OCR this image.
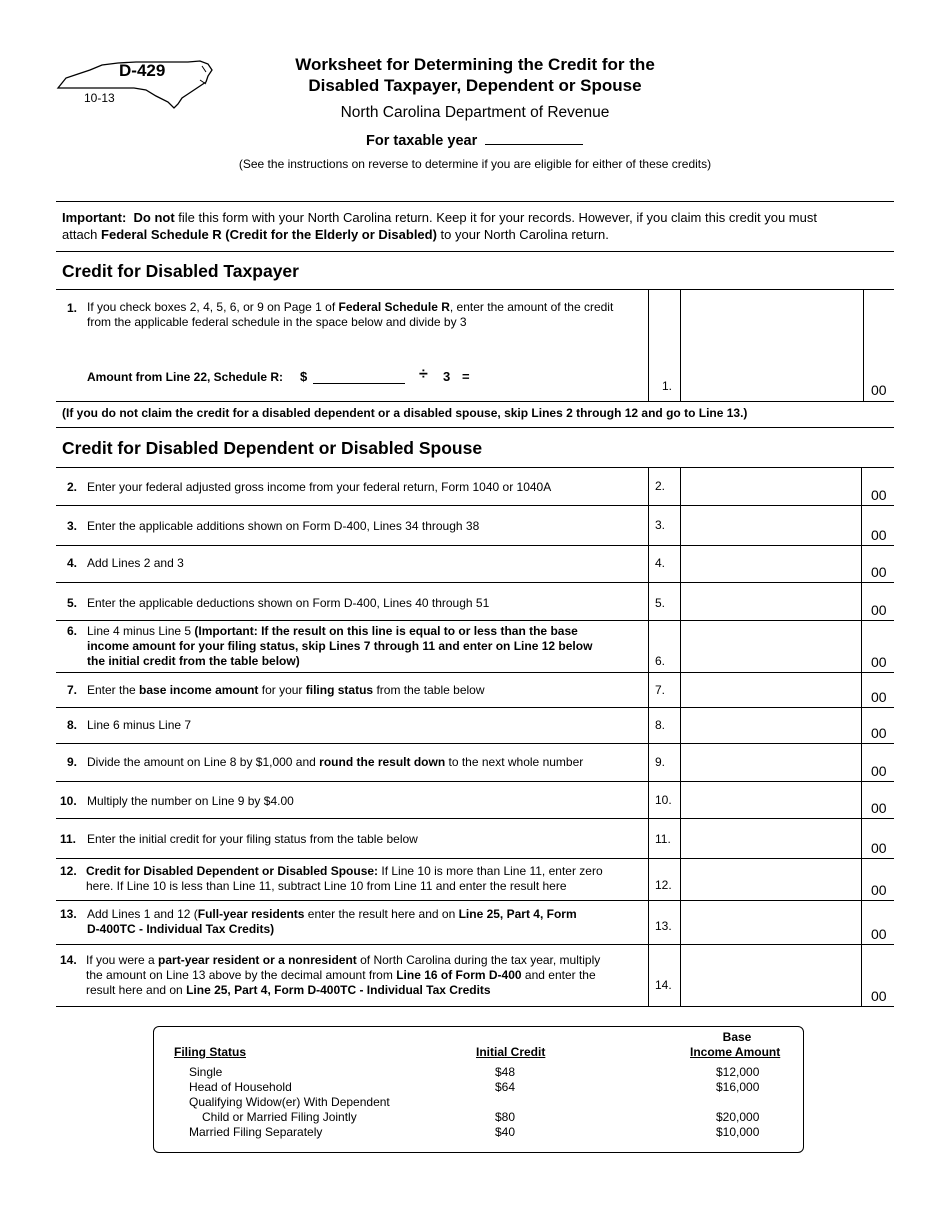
D-429
10-13
Worksheet for Determining the Credit for the
Disabled Taxpayer, Dependent or Spouse
North Carolina Department of Revenue
For taxable year
(See the instructions on reverse to determine if you are eligible for either of these credits)
Important: Do not file this form with your North Carolina return. Keep it for your records. However, if you claim this credit you must
attach Federal Schedule R (Credit for the Elderly or Disabled) to your North Carolina return.
Credit for Disabled Taxpayer
1. If you check boxes 2, 4, 5, 6, or 9 on Page 1 of Federal Schedule R, enter the amount of the credit
from the applicable federal schedule in the space below and divide by 3
Amount from Line 22, Schedule R: $	÷ 3 =
1.	00
(If you do not claim the credit for a disabled dependent or a disabled spouse, skip Lines 2 through 12 and go to Line 13.)
Credit for Disabled Dependent or Disabled Spouse
2. Enter your federal adjusted gross income from your federal return, Form 1040 or 1040A	2.
00
3. Enter the applicable additions shown on Form D-400, Lines 34 through 38	3.
00
4. Add Lines 2 and 3	4.
00
5. Enter the applicable deductions shown on Form D-400, Lines 40 through 51	5.	00
6. Line 4 minus Line 5 (Important: If the result on this line is equal to or less than the base
income amount for your filing status, skip Lines 7 through 11 and enter on Line 12 below
the initial credit from the table below)	6.	00
7. Enter the base income amount for your filing status from the table below	7.	00
8. Line 6 minus Line 7	8.	00
9. Divide the amount on Line 8 by $1,000 and round the result down to the next whole number	9.
00
10. Multiply the number on Line 9 by $4.00	10.	00
11. Enter the initial credit for your filing status from the table below	11.
00
12. Credit for Disabled Dependent or Disabled Spouse: If Line 10 is more than Line 11, enter zero
here. If Line 10 is less than Line 11, subtract Line 10 from Line 11 and enter the result here	12.	00
13. Add Lines 1 and 12 (Full-year residents enter the result here and on Line 25, Part 4, Form
D-400TC - Individual Tax Credits)	13.	00
14. If you were a part-year resident or a nonresident of North Carolina during the tax year, multiply
the amount on Line 13 above by the decimal amount from Line 16 of Form D-400 and enter the
result here and on Line 25, Part 4, Form D-400TC - Individual Tax Credits	14.
00
Base
Filing Status	Initial Credit	Income Amount
Single	$48	$12,000
Head of Household	$64	$16,000
Qualifying Widow(er) With Dependent
Child or Married Filing Jointly	$80	$20,000
Married Filing Separately	$40	$10,000
